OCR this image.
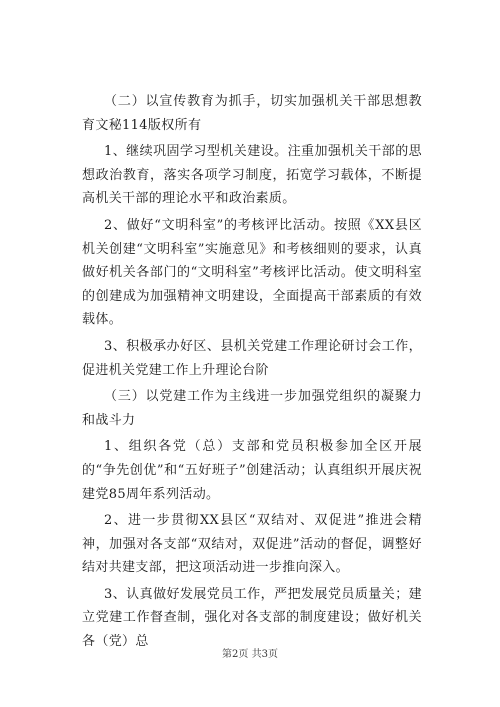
（二）以宣传教育为抓手，切实加强机关干部思想教育文秘114版权所有

1、继续巩固学习型机关建设。注重加强机关干部的思想政治教育，落实各项学习制度，拓宽学习载体，不断提高机关干部的理论水平和政治素质。

2、做好“文明科室”的考核评比活动。按照《XX县区机关创建“文明科室”实施意见》和考核细则的要求，认真做好机关各部门的“文明科室”考核评比活动。使文明科室的创建成为加强精神文明建设，全面提高干部素质的有效载体。

3、积极承办好区、县机关党建工作理论研讨会工作，促进机关党建工作上升理论台阶

（三）以党建工作为主线进一步加强党组织的凝聚力和战斗力

1、组织各党（总）支部和党员积极参加全区开展的“争先创优”和“五好班子”创建活动；认真组织开展庆祝建党85周年系列活动。

2、进一步贯彻XX县区“双结对、双促进”推进会精神，加强对各支部“双结对，双促进”活动的督促，调整好结对共建支部，把这项活动进一步推向深入。

3、认真做好发展党员工作，严把发展党员质量关；建立党建工作督查制，强化对各支部的制度建设；做好机关各（党）总

第2页 共3页
